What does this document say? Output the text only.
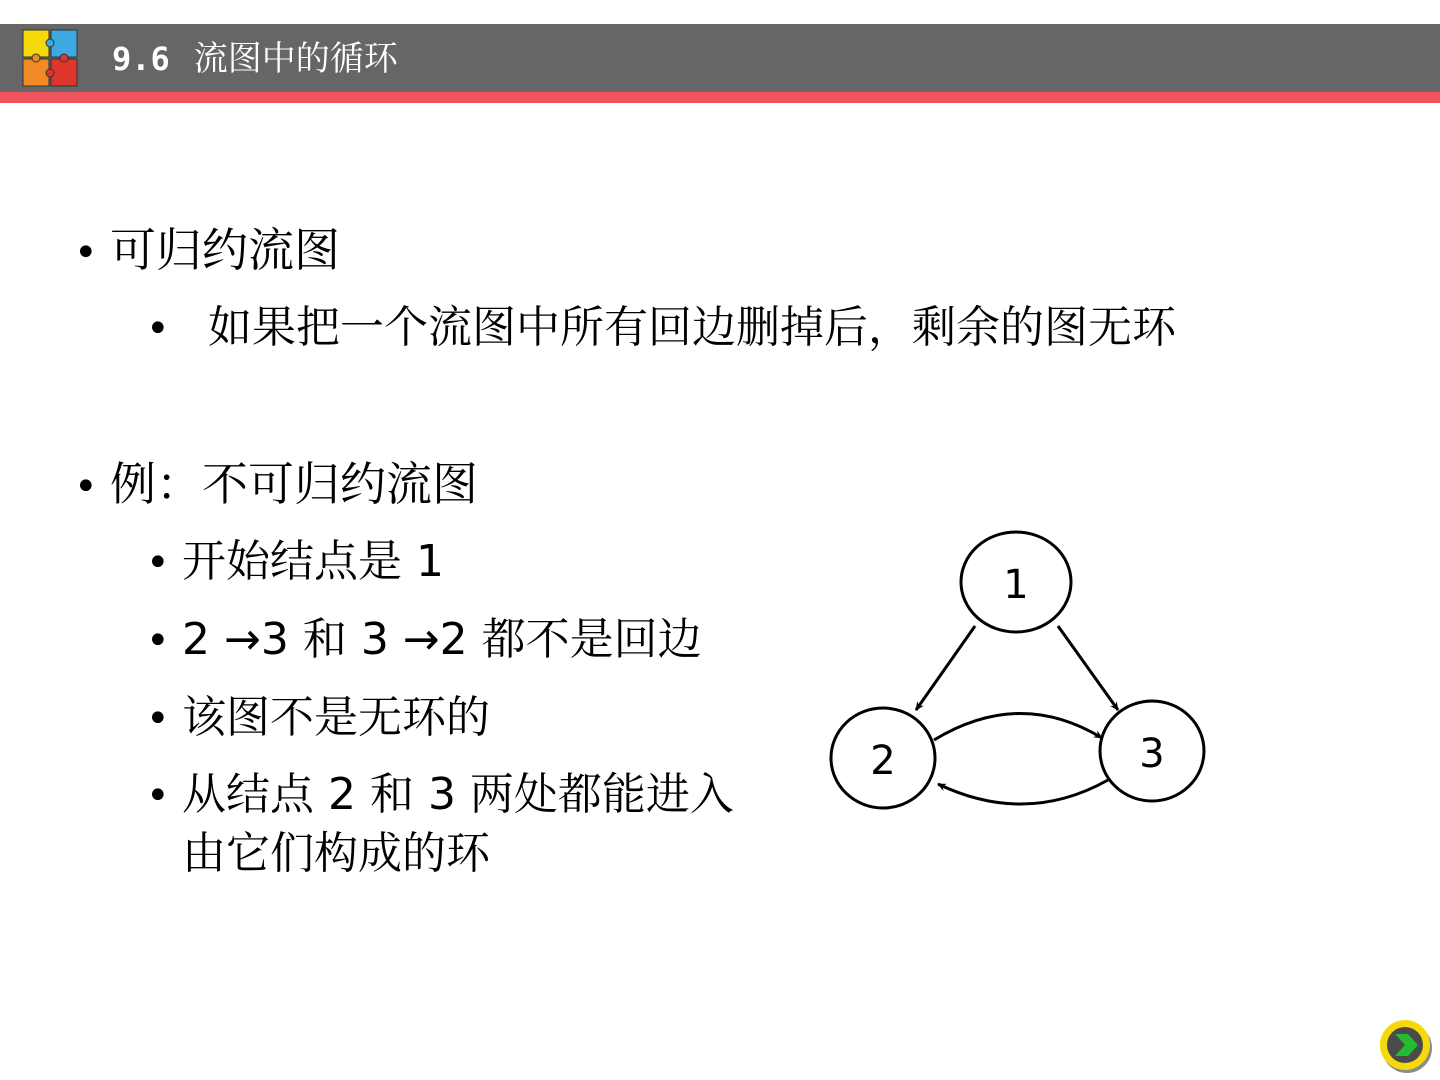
9.6 流图中的循环
• 可归约流图
• 如果把一个流图中所有回边删掉后，剩余的图无环
• 例：不可归约流图
• 开始结点是 1
• 2 →3 和 3 →2 都不是回边
• 该图不是无环的
• 从结点 2 和 3 两处都能进入
由它们构成的环
1
2	3
